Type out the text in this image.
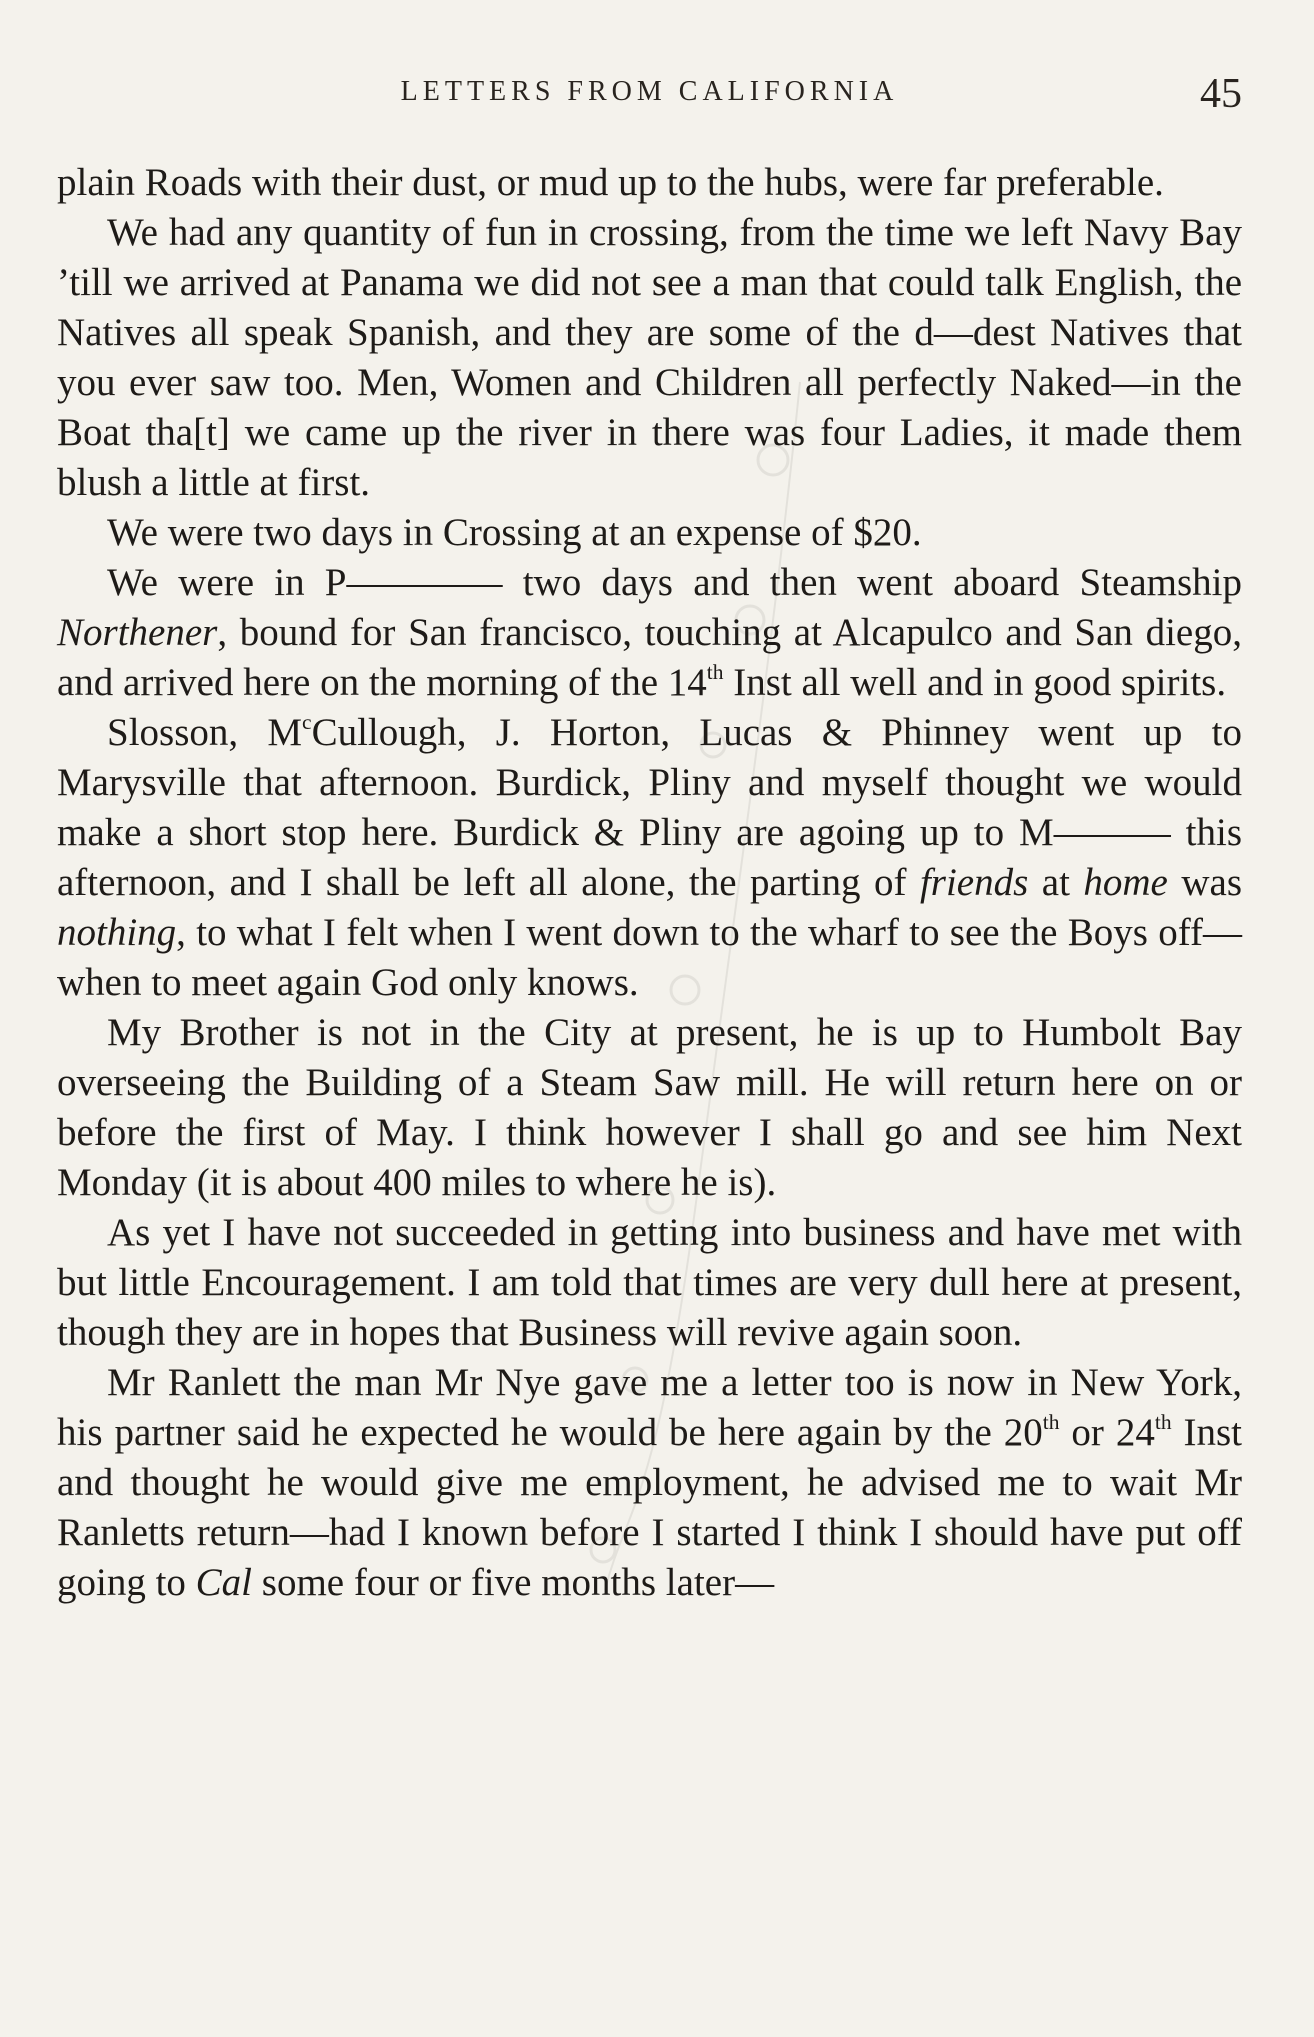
LETTERS FROM CALIFORNIA	45

plain Roads with their dust, or mud up to the hubs, were far preferable.

We had any quantity of fun in crossing, from the time we left Navy Bay ’till we arrived at Panama we did not see a man that could talk English, the Natives all speak Spanish, and they are some of the d—dest Natives that you ever saw too. Men, Women and Children all perfectly Naked—in the Boat tha[t] we came up the river in there was four Ladies, it made them blush a little at first.

We were two days in Crossing at an expense of $20.

We were in P———— two days and then went aboard Steamship Northener, bound for San francisco, touching at Alcapulco and San diego, and arrived here on the morning of the 14th Inst all well and in good spirits.

Slosson, $M^cCullough$, J. Horton, Lucas & Phinney went up to Marysville that afternoon. Burdick, Pliny and myself thought we would make a short stop here. Burdick & Pliny are agoing up to M——— this afternoon, and I shall be left all alone, the parting of friends at home was nothing, to what I felt when I went down to the wharf to see the Boys off—when to meet again God only knows.

My Brother is not in the City at present, he is up to Humbolt Bay overseeing the Building of a Steam Saw mill. He will return here on or before the first of May. I think however I shall go and see him Next Monday (it is about 400 miles to where he is).

As yet I have not succeeded in getting into business and have met with but little Encouragement. I am told that times are very dull here at present, though they are in hopes that Business will revive again soon.

Mr Ranlett the man Mr Nye gave me a letter too is now in New York, his partner said he expected he would be here again by the 20th or 24th Inst and thought he would give me employment, he advised me to wait Mr Ranletts return—had I known before I started I think I should have put off going to Cal some four or five months later—
